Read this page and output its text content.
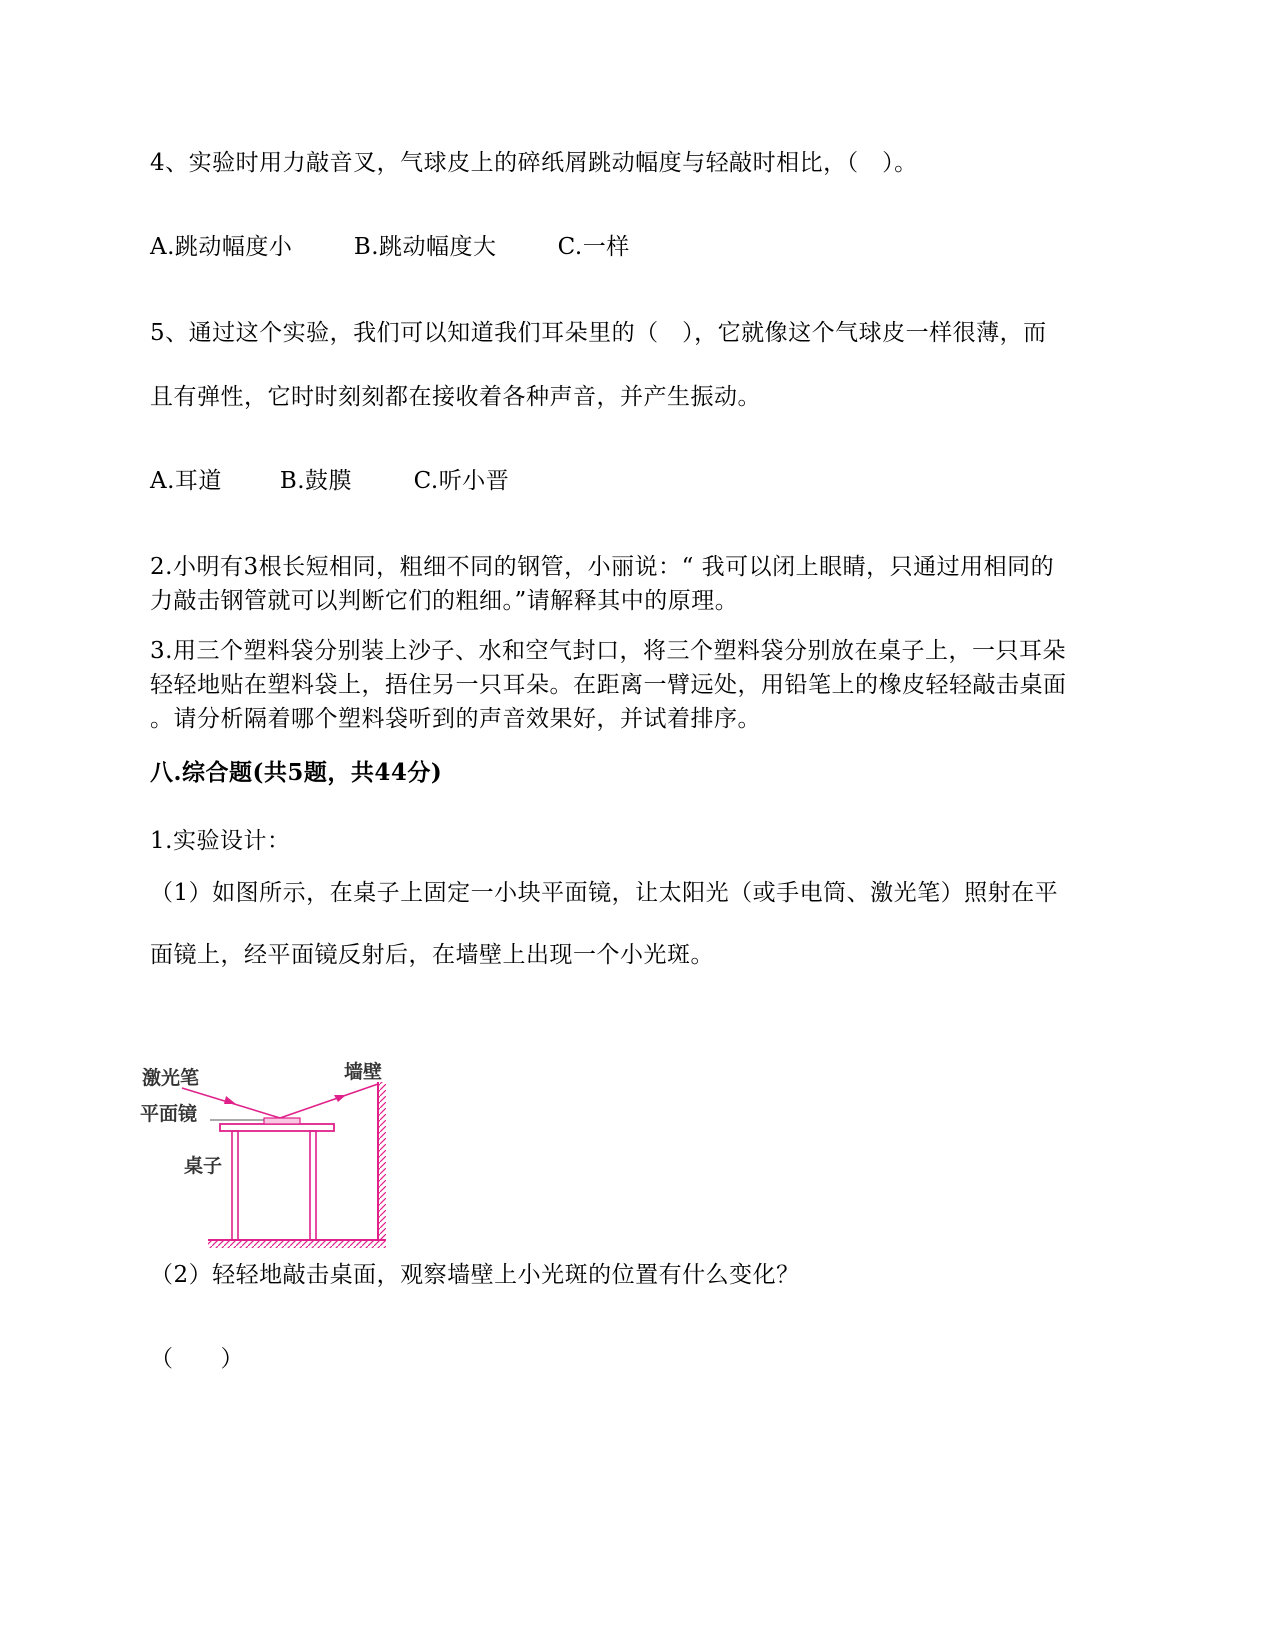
4、实验时用力敲音叉，气球皮上的碎纸屑跳动幅度与轻敲时相比，（　）。
A.跳动幅度小	B.跳动幅度大	C.一样
5、通过这个实验，我们可以知道我们耳朵里的（　），它就像这个气球皮一样很薄，而
且有弹性，它时时刻刻都在接收着各种声音，并产生振动。
A.耳道	B.鼓膜	C.听小晋
2.小明有3根长短相同，粗细不同的钢管，小丽说：“ 我可以闭上眼睛，只通过用相同的
力敲击钢管就可以判断它们的粗细。”请解释其中的原理。
3.用三个塑料袋分别装上沙子、水和空气封口，将三个塑料袋分别放在桌子上，一只耳朵
轻轻地贴在塑料袋上，捂住另一只耳朵。在距离一臂远处，用铅笔上的橡皮轻轻敲击桌面
。请分析隔着哪个塑料袋听到的声音效果好，并试着排序。
八.综合题(共5题，共44分)
1.实验设计：
（1）如图所示，在桌子上固定一小块平面镜，让太阳光（或手电筒、激光笔）照射在平
面镜上，经平面镜反射后，在墙壁上出现一个小光斑。
墙壁
激光笔
平面镜
桌子
（2）轻轻地敲击桌面，观察墙壁上小光斑的位置有什么变化？
（　　）
